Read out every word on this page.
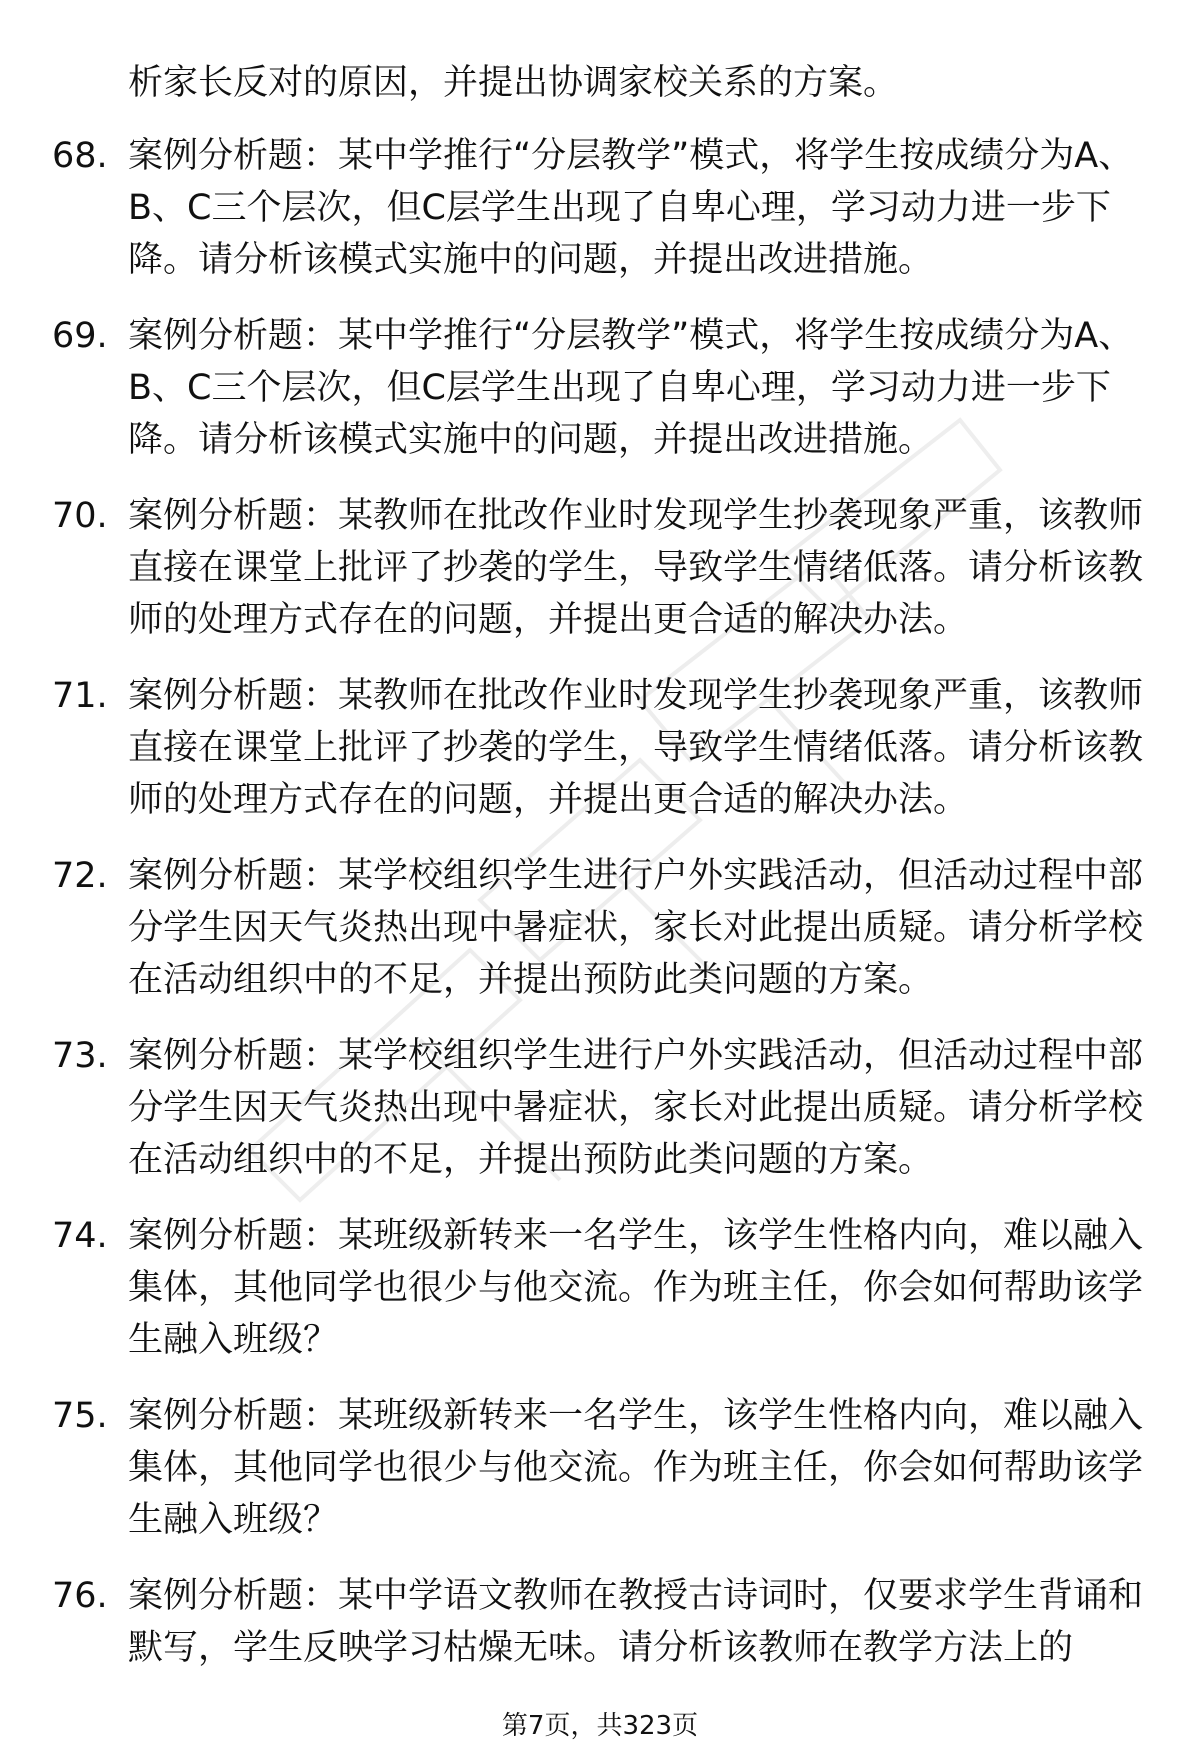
析家长反对的原因，并提出协调家校关系的方案。
68. 案例分析题：某中学推行“分层教学”模式，将学生按成绩分为A、B、C三个层次，但C层学生出现了自卑心理，学习动力进一步下降。请分析该模式实施中的问题，并提出改进措施。
69. 案例分析题：某中学推行“分层教学”模式，将学生按成绩分为A、B、C三个层次，但C层学生出现了自卑心理，学习动力进一步下降。请分析该模式实施中的问题，并提出改进措施。
70. 案例分析题：某教师在批改作业时发现学生抄袭现象严重，该教师直接在课堂上批评了抄袭的学生，导致学生情绪低落。请分析该教师的处理方式存在的问题，并提出更合适的解决办法。
71. 案例分析题：某教师在批改作业时发现学生抄袭现象严重，该教师直接在课堂上批评了抄袭的学生，导致学生情绪低落。请分析该教师的处理方式存在的问题，并提出更合适的解决办法。
72. 案例分析题：某学校组织学生进行户外实践活动，但活动过程中部分学生因天气炎热出现中暑症状，家长对此提出质疑。请分析学校在活动组织中的不足，并提出预防此类问题的方案。
73. 案例分析题：某学校组织学生进行户外实践活动，但活动过程中部分学生因天气炎热出现中暑症状，家长对此提出质疑。请分析学校在活动组织中的不足，并提出预防此类问题的方案。
74. 案例分析题：某班级新转来一名学生，该学生性格内向，难以融入集体，其他同学也很少与他交流。作为班主任，你会如何帮助该学生融入班级？
75. 案例分析题：某班级新转来一名学生，该学生性格内向，难以融入集体，其他同学也很少与他交流。作为班主任，你会如何帮助该学生融入班级？
76. 案例分析题：某中学语文教师在教授古诗词时，仅要求学生背诵和默写，学生反映学习枯燥无味。请分析该教师在教学方法上的
第7页，共323页
